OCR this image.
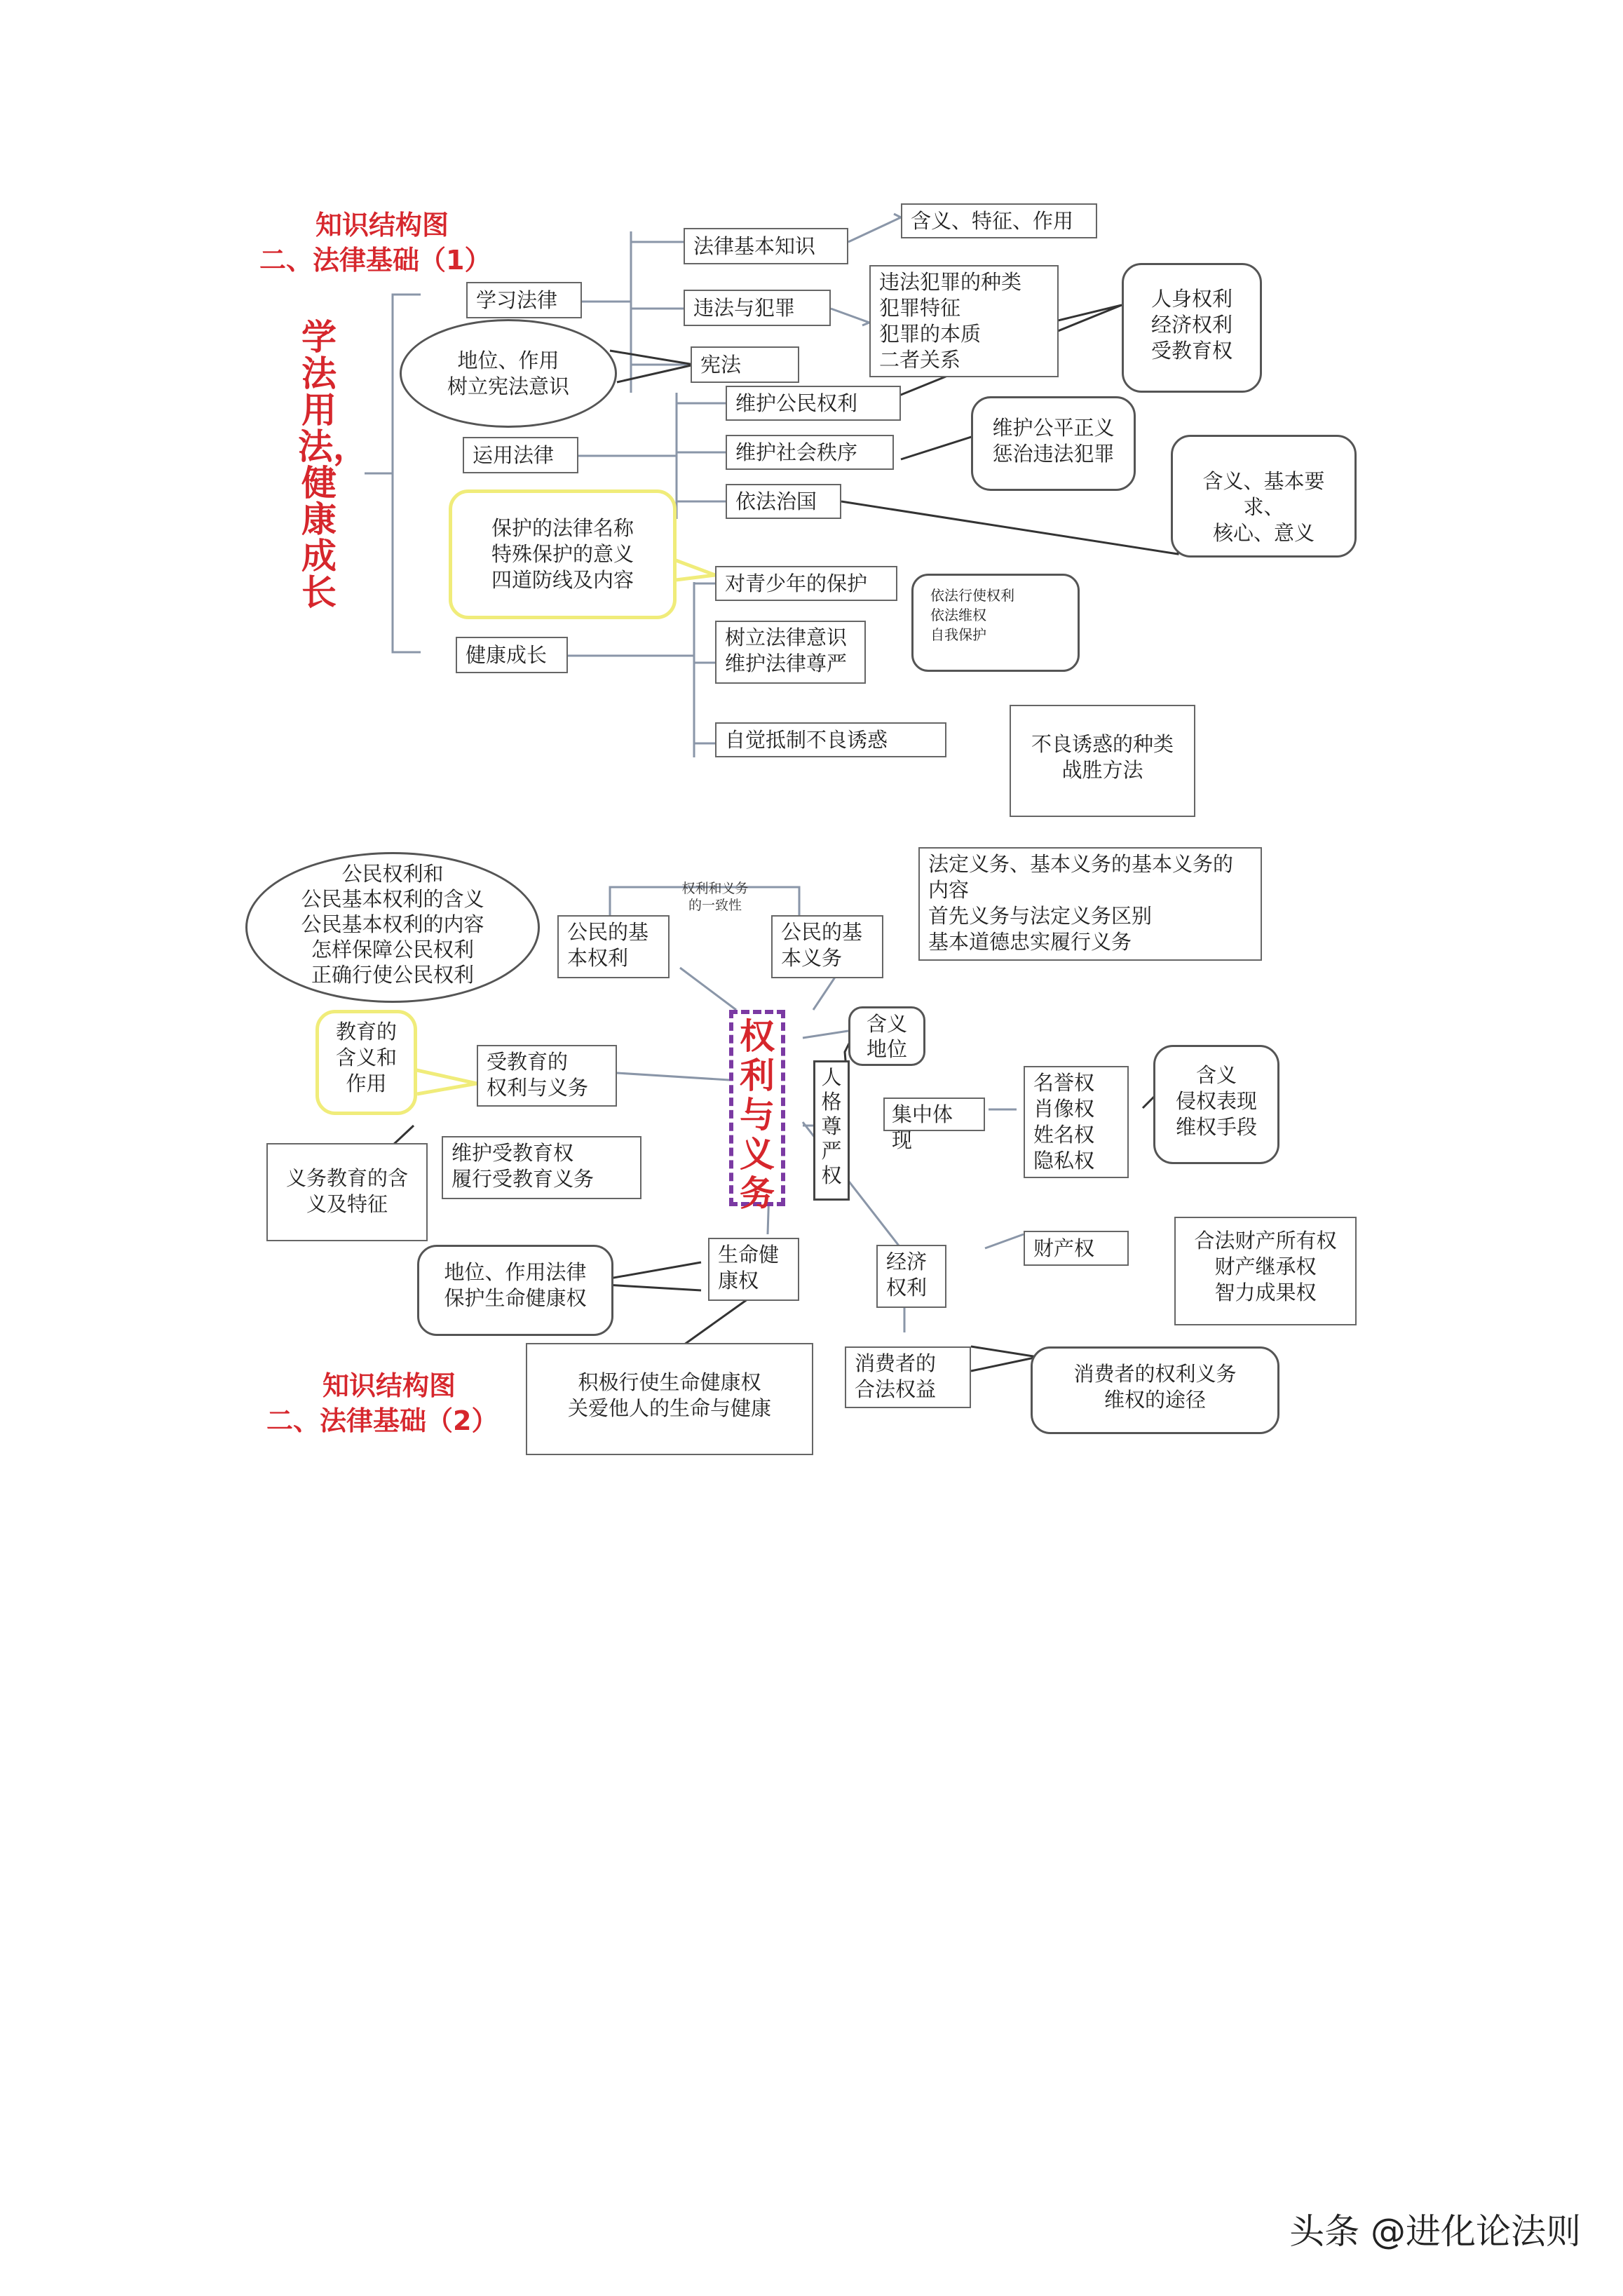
知识结构图
二、法律基础（1）
学
法
用
法，
健
康
成
长
学习法律
运用法律
健康成长
法律基本知识
含义、特征、作用
违法与犯罪
违法犯罪的种类
犯罪特征
犯罪的本质
二者关系
宪法
地位、作用
树立宪法意识
维护公民权利
人身权利
经济权利
受教育权
维护社会秩序
维护公平正义
惩治违法犯罪
依法治国
含义、基本要求、
核心、意义
保护的法律名称
特殊保护的意义
四道防线及内容	对青少年的保护
树立法律意识
维护法律尊严
依法行使权利
依法维权
自我保护
自觉抵制不良诱惑	不良诱惑的种类
战胜方法
公民权利和
公民基本权利的含义
公民基本权利的内容
怎样保障公民权利
正确行使公民权利
权利和义务
的一致性
公民的基
本权利
公民的基
本义务
法定义务、基本义务的基本义务的
内容
首先义务与法定义务区别
基本道德忠实履行义务
权
利
与
义
务
教育的
含义和
作用
受教育的
权利与义务
义务教育的含
义及特征
维护受教育权
履行受教育义务
含义
地位
人
格
尊
严
权
集中体
现
名誉权
肖像权
姓名权
隐私权
含义
侵权表现
维权手段
生命健
康权
地位、作用法律
保护生命健康权
积极行使生命健康权
关爱他人的生命与健康
经济
权利
财产权	合法财产所有权
财产继承权
智力成果权
消费者的
合法权益
消费者的权利义务
维权的途径
知识结构图
二、法律基础（2）
头条 @进化论法则
